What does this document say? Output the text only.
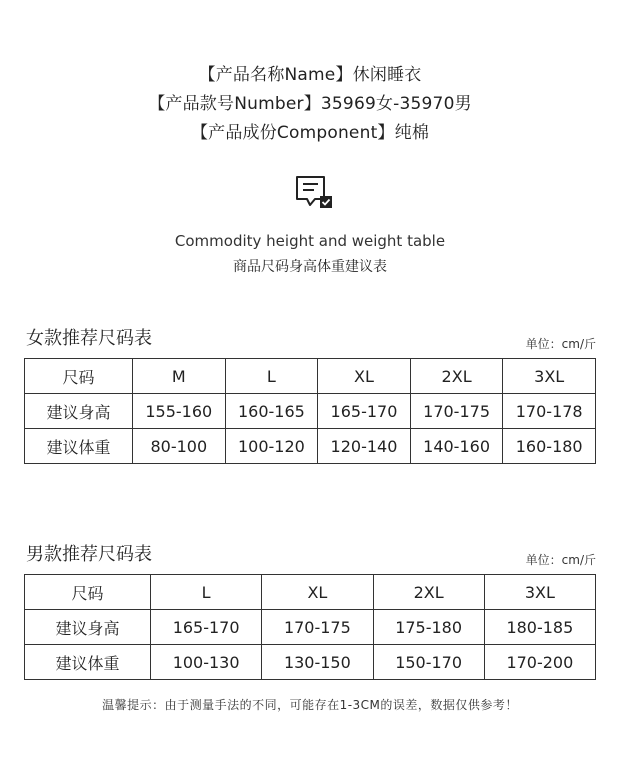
【产品名称Name】休闲睡衣
【产品款号Number】35969女-35970男
【产品成份Component】纯棉
Commodity height and weight table
商品尺码身高体重建议表
女款推荐尺码表	单位：cm/斤
尺码	M	L	XL	2XL	3XL
建议身高	155-160	160-165	165-170	170-175	170-178
建议体重	80-100	100-120	120-140	140-160	160-180
男款推荐尺码表	单位：cm/斤
尺码	L	XL	2XL	3XL
建议身高	165-170	170-175	175-180	180-185
建议体重	100-130	130-150	150-170	170-200
温馨提示：由于测量手法的不同，可能存在1-3CM的误差，数据仅供参考！
